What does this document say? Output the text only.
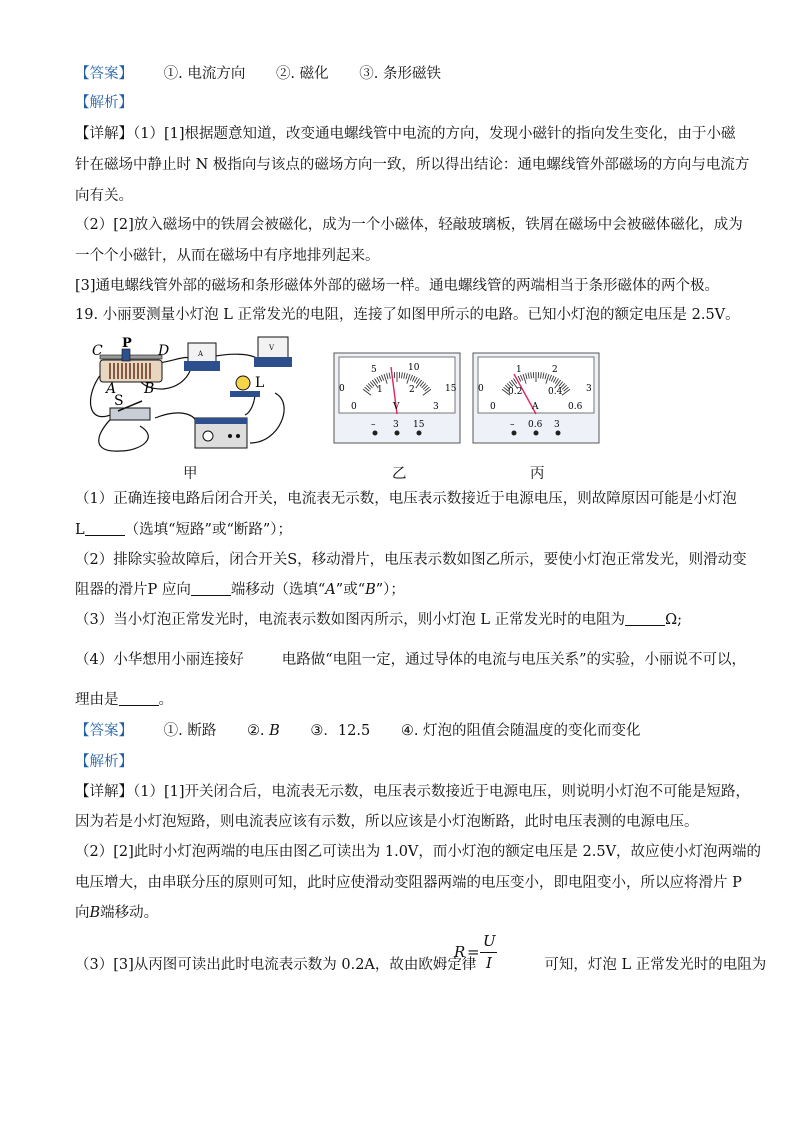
【答案】 ①. 电流方向 ②. 磁化 ③. 条形磁铁
【解析】
【详解】（1）[1]根据题意知道，改变通电螺线管中电流的方向，发现小磁针的指向发生变化，由于小磁
针在磁场中静止时 N 极指向与该点的磁场方向一致，所以得出结论：通电螺线管外部磁场的方向与电流方
向有关。
（2）[2]放入磁场中的铁屑会被磁化，成为一个小磁体，轻敲玻璃板，铁屑在磁场中会被磁体磁化，成为
一个个小磁针，从而在磁场中有序地排列起来。
[3]通电螺线管外部的磁场和条形磁体外部的磁场一样。通电螺线管的两端相当于条形磁体的两个极。
19. 小丽要测量小灯泡 L 正常发光的电阻，连接了如图甲所示的电路。已知小灯泡的额定电压是 2.5V。
A
V
C P D
A B	L
S
0
5	10
15
0
1	2
3
V
– 3 15
0
1	2
3
0
0.2	0.4
0.6
A
– 0.6 3
甲	乙	丙
（1）正确连接电路后闭合开关，电流表无示数，电压表示数接近于电源电压，则故障原因可能是小灯泡
L	（选填“短路”或“断路”）；
（2）排除实验故障后，闭合开关S，移动滑片，电压表示数如图乙所示，要使小灯泡正常发光，则滑动变
阻器的滑片P 应向	端移动（选填“A”或“B”）；
（3）当小灯泡正常发光时，电流表示数如图丙所示，则小灯泡 L 正常发光时的电阻为	Ω;
（4）小华想用小丽连接好	电路做“电阻一定，通过导体的电流与电压关系”的实验，小丽说不可以，
理由是	。
【答案】 ①. 断路 ②. B ③．12.5 ④. 灯泡的阻值会随温度的变化而变化
【解析】
【详解】（1）[1]开关闭合后，电流表无示数，电压表示数接近于电源电压，则说明小灯泡不可能是短路，
因为若是小灯泡短路，则电流表应该有示数，所以应该是小灯泡断路，此时电压表测的电源电压。
（2）[2]此时小灯泡两端的电压由图乙可读出为 1.0V，而小灯泡的额定电压是 2.5V，故应使小灯泡两端的
电压增大，由串联分压的原则可知，此时应使滑动变阻器两端的电压变小，即电阻变小，所以应将滑片 P
向B端移动。
（3）[3]从丙图可读出此时电流表示数为 0.2A，故由欧姆定律	可知，灯泡 L 正常发光时的电阻为
R =
U
I
